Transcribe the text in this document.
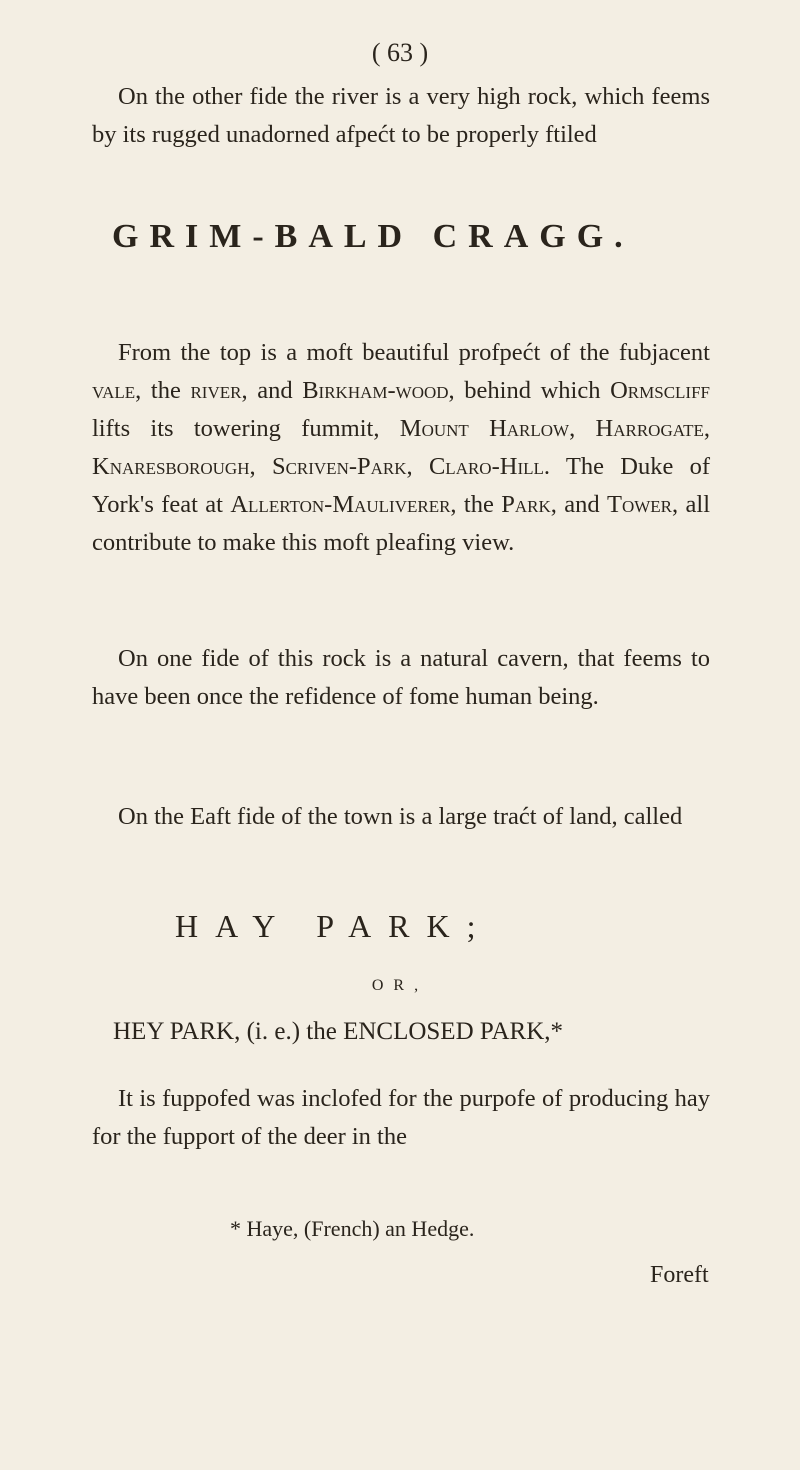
( 63 )

On the other fide the river is a very high rock, which feems by its rugged unadorned afpećt to be properly ftiled

GRIM-BALD CRAGG.

From the top is a moft beautiful profpećt of the fubjacent vale, the river, and Birkham-wood, behind which Ormscliff lifts its towering fummit, Mount Harlow, Harrogate, Knaresborough, Scriven-Park, Claro-Hill. The Duke of York's feat at Allerton-Mauliverer, the Park, and Tower, all contribute to make this moft pleafing view.

On one fide of this rock is a natural cavern, that feems to have been once the refidence of fome human being.

On the Eaft fide of the town is a large traćt of land, called

HAY PARK;
OR,
HEY PARK, (i. e.) the ENCLOSED PARK,*

It is fuppofed was inclofed for the purpofe of producing hay for the fupport of the deer in the

* Haye, (French) an Hedge.
Foreft
